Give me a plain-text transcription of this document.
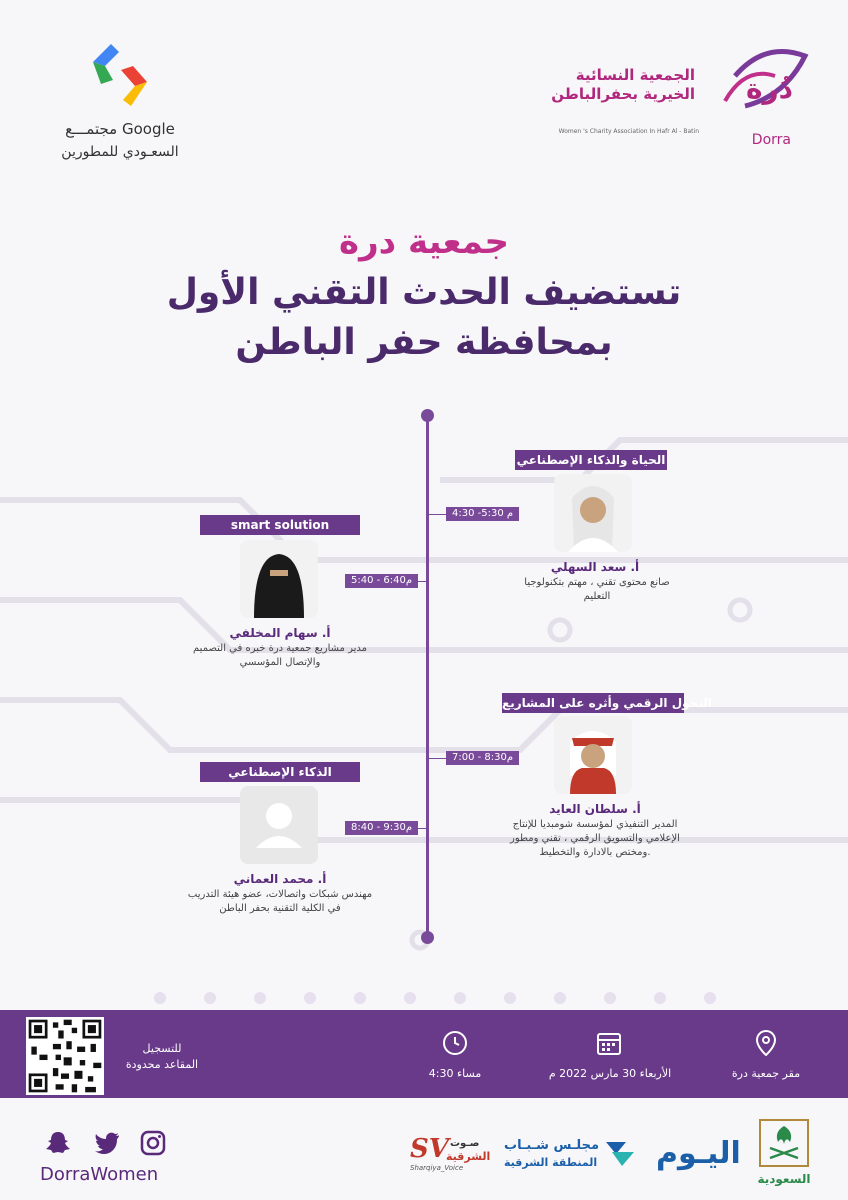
مجتمـــع Google
السعـودي للمطورين
الجمعية النسائية الخيرية بحفرالباطن
Women 's Charity Association In Hafr Al - Batin
دُرة
Dorra
جمعية درة
تستضيف الحدث التقني الأول
بمحافظة حفر الباطن
4:30 -5:30 م
الحياة والذكاء الإصطناعي
أ. سعد السهلي
صانع محتوى تقني ، مهتم بتكنولوجيا التعليم
5:40 - 6:40م
smart solution
أ. سهام المخلفي
مدير مشاريع جمعية درة خبره في التصميم والإتصال المؤسسي
7:00 - 8:30م
التحول الرقمي وأثره على المشاريع
أ. سلطان العايد
المدير التنفيذي لمؤسسة شومبديا للإنتاج الإعلامي والتسويق الرقمي ، تقني ومطور ومختص بالادارة والتخطيط.
8:40 - 9:30م
الذكاء الإصطناعي
أ. محمد العماني
مهندس شبكات واتصالات، عضو هيئة التدريب في الكلية التقنية بحفر الباطن
مقر جمعية درة
الأربعاء 30 مارس 2022 م
4:30 مساء
للتسجيل
المقاعد محدودة

DorraWomen
SV صـوت
الشرقية
Sharqiya_Voice
مجلـس شـبـاب
المنطقة الشرقية اليـوم
السعودية
